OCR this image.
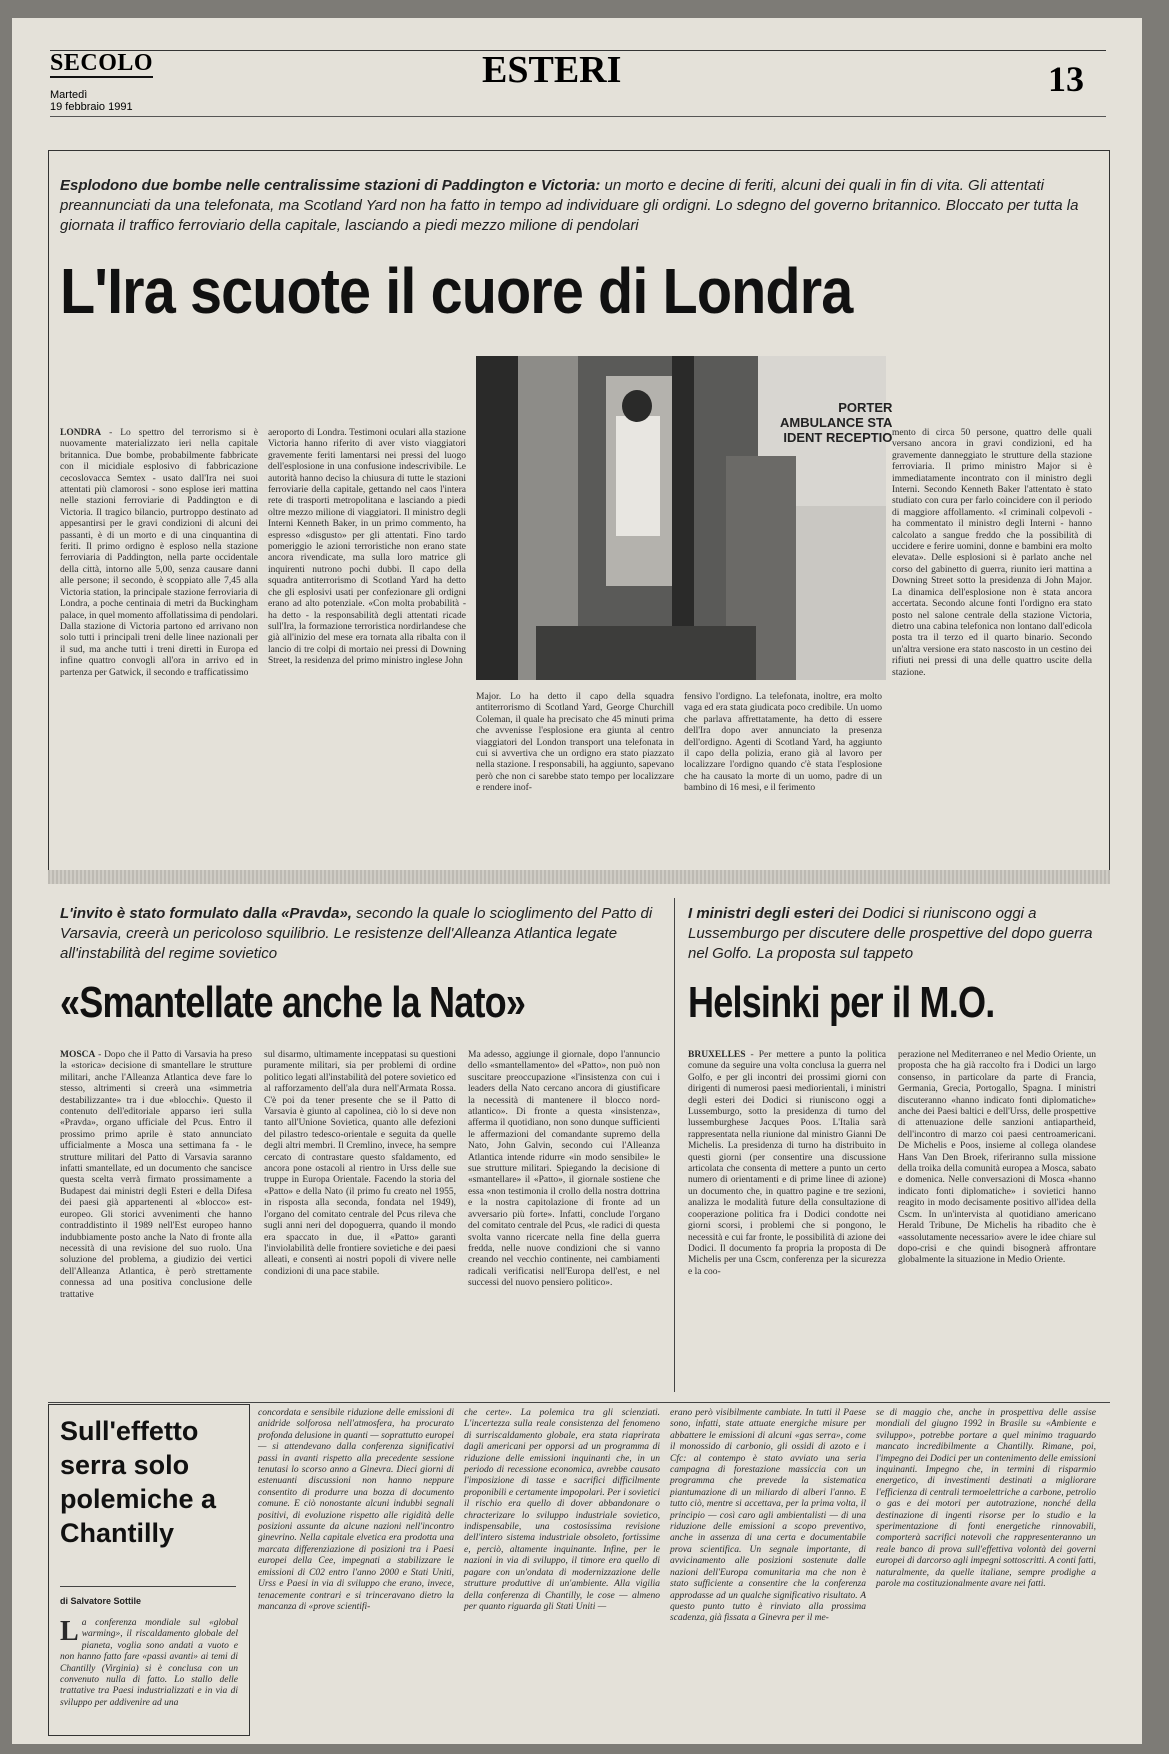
SECOLO
Martedì
19 febbraio 1991
ESTERI	13
Esplodono due bombe nelle centralissime stazioni di Paddington e Victoria: un morto e decine di feriti, alcuni dei quali in fin di vita. Gli attentati preannunciati da una telefonata, ma Scotland Yard non ha fatto in tempo ad individuare gli ordigni. Lo sdegno del governo britannico. Bloccato per tutta la giornata il traffico ferroviario della capitale, lasciando a piedi mezzo milione di pendolari
L'Ira scuote il cuore di Londra
LONDRA - Lo spettro del terrorismo si è nuovamente materializzato ieri nella capitale britannica. Due bombe, probabilmente fabbricate con il micidiale esplosivo di fabbricazione cecoslovacca Semtex - usato dall'Ira nei suoi attentati più clamorosi - sono esplose ieri mattina nelle stazioni ferroviarie di Paddington e di Victoria. Il tragico bilancio, purtroppo destinato ad appesantirsi per le gravi condizioni di alcuni dei passanti, è di un morto e di una cinquantina di feriti. Il primo ordigno è esploso nella stazione ferroviaria di Paddington, nella parte occidentale della città, intorno alle 5,00, senza causare danni alle persone; il secondo, è scoppiato alle 7,45 alla Victoria station, la principale stazione ferroviaria di Londra, a poche centinaia di metri da Buckingham palace, in quel momento affollatissima di pendolari. Dalla stazione di Victoria partono ed arrivano non solo tutti i principali treni delle linee nazionali per il sud, ma anche tutti i treni diretti in Europa ed infine quattro convogli all'ora in arrivo ed in partenza per Gatwick, il secondo e trafficatissimo
aeroporto di Londra. Testimoni oculari alla stazione Victoria hanno riferito di aver visto viaggiatori gravemente feriti lamentarsi nei pressi del luogo dell'esplosione in una confusione indescrivibile. Le autorità hanno deciso la chiusura di tutte le stazioni ferroviarie della capitale, gettando nel caos l'intera rete di trasporti metropolitana e lasciando a piedi oltre mezzo milione di viaggiatori. Il ministro degli Interni Kenneth Baker, in un primo commento, ha espresso «disgusto» per gli attentati. Fino tardo pomeriggio le azioni terroristiche non erano state ancora rivendicate, ma sulla loro matrice gli inquirenti nutrono pochi dubbi. Il capo della squadra antiterrorismo di Scotland Yard ha detto che gli esplosivi usati per confezionare gli ordigni erano ad alto potenziale. «Con molta probabilità - ha detto - la responsabilità degli attentati ricade sull'Ira, la formazione terroristica nordirlandese che già all'inizio del mese era tornata alla ribalta con il lancio di tre colpi di mortaio nei pressi di Downing Street, la residenza del primo ministro inglese John
PORTER
AMBULANCE STA
IDENT RECEPTIO
Major. Lo ha detto il capo della squadra antiterrorismo di Scotland Yard, George Churchill Coleman, il quale ha precisato che 45 minuti prima che avvenisse l'esplosione era giunta al centro viaggiatori del London transport una telefonata in cui si avvertiva che un ordigno era stato piazzato nella stazione. I responsabili, ha aggiunto, sapevano però che non ci sarebbe stato tempo per localizzare e rendere inof-
fensivo l'ordigno. La telefonata, inoltre, era molto vaga ed era stata giudicata poco credibile. Un uomo che parlava affrettatamente, ha detto di essere dell'Ira dopo aver annunciato la presenza dell'ordigno. Agenti di Scotland Yard, ha aggiunto il capo della polizia, erano già al lavoro per localizzare l'ordigno quando c'è stata l'esplosione che ha causato la morte di un uomo, padre di un bambino di 16 mesi, e il ferimento
mento di circa 50 persone, quattro delle quali versano ancora in gravi condizioni, ed ha gravemente danneggiato le strutture della stazione ferroviaria. Il primo ministro Major si è immediatamente incontrato con il ministro degli Interni. Secondo Kenneth Baker l'attentato è stato studiato con cura per farlo coincidere con il periodo di maggiore affollamento. «I criminali colpevoli - ha commentato il ministro degli Interni - hanno calcolato a sangue freddo che la possibilità di uccidere e ferire uomini, donne e bambini era molto elevata». Delle esplosioni si è parlato anche nel corso del gabinetto di guerra, riunito ieri mattina a Downing Street sotto la presidenza di John Major. La dinamica dell'esplosione non è stata ancora accertata. Secondo alcune fonti l'ordigno era stato posto nel salone centrale della stazione Victoria, dietro una cabina telefonica non lontano dall'edicola posta tra il terzo ed il quarto binario. Secondo un'altra versione era stato nascosto in un cestino dei rifiuti nei pressi di una delle quattro uscite della stazione.
L'invito è stato formulato dalla «Pravda», secondo la quale lo scioglimento del Patto di Varsavia, creerà un pericoloso squilibrio. Le resistenze dell'Alleanza Atlantica legate all'instabilità del regime sovietico
«Smantellate anche la Nato»
MOSCA - Dopo che il Patto di Varsavia ha preso la «storica» decisione di smantellare le strutture militari, anche l'Alleanza Atlantica deve fare lo stesso, altrimenti si creerà una «simmetria destabilizzante» tra i due «blocchi». Questo il contenuto dell'editoriale apparso ieri sulla «Pravda», organo ufficiale del Pcus. Entro il prossimo primo aprile è stato annunciato ufficialmente a Mosca una settimana fa - le strutture militari del Patto di Varsavia saranno infatti smantellate, ed un documento che sancisce questa scelta verrà firmato prossimamente a Budapest dai ministri degli Esteri e della Difesa dei paesi già appartenenti al «blocco» est-europeo. Gli storici avvenimenti che hanno contraddistinto il 1989 nell'Est europeo hanno indubbiamente posto anche la Nato di fronte alla necessità di una revisione del suo ruolo. Una soluzione del problema, a giudizio dei vertici dell'Alleanza Atlantica, è però strettamente connessa ad una positiva conclusione delle trattative
sul disarmo, ultimamente inceppatasi su questioni puramente militari, sia per problemi di ordine politico legati all'instabilità del potere sovietico ed al rafforzamento dell'ala dura nell'Armata Rossa. C'è poi da tener presente che se il Patto di Varsavia è giunto al capolinea, ciò lo si deve non tanto all'Unione Sovietica, quanto alle defezioni del pilastro tedesco-orientale e seguita da quelle degli altri membri. Il Cremlino, invece, ha sempre cercato di contrastare questo sfaldamento, ed ancora pone ostacoli al rientro in Urss delle sue truppe in Europa Orientale. Facendo la storia del «Patto» e della Nato (il primo fu creato nel 1955, in risposta alla seconda, fondata nel 1949), l'organo del comitato centrale del Pcus rileva che sugli anni neri del dopoguerra, quando il mondo era spaccato in due, il «Patto» garantì l'inviolabilità delle frontiere sovietiche e dei paesi alleati, e consentì ai nostri popoli di vivere nelle condizioni di una pace stabile.
Ma adesso, aggiunge il giornale, dopo l'annuncio dello «smantellamento» del «Patto», non può non suscitare preoccupazione «l'insistenza con cui i leaders della Nato cercano ancora di giustificare la necessità di mantenere il blocco nord-atlantico». Di fronte a questa «insistenza», afferma il quotidiano, non sono dunque sufficienti le affermazioni del comandante supremo della Nato, John Galvin, secondo cui l'Alleanza Atlantica intende ridurre «in modo sensibile» le sue strutture militari. Spiegando la decisione di «smantellare» il «Patto», il giornale sostiene che essa «non testimonia il crollo della nostra dottrina e la nostra capitolazione di fronte ad un avversario più forte». Infatti, conclude l'organo del comitato centrale del Pcus, «le radici di questa svolta vanno ricercate nella fine della guerra fredda, nelle nuove condizioni che si vanno creando nel vecchio continente, nei cambiamenti radicali verificatisi nell'Europa dell'est, e nel successi del nuovo pensiero politico».
I ministri degli esteri dei Dodici si riuniscono oggi a Lussemburgo per discutere delle prospettive del dopo guerra nel Golfo. La proposta sul tappeto
Helsinki per il M.O.
BRUXELLES - Per mettere a punto la politica comune da seguire una volta conclusa la guerra nel Golfo, e per gli incontri dei prossimi giorni con dirigenti di numerosi paesi mediorientali, i ministri degli esteri dei Dodici si riuniscono oggi a Lussemburgo, sotto la presidenza di turno del lussemburghese Jacques Poos. L'Italia sarà rappresentata nella riunione dal ministro Gianni De Michelis. La presidenza di turno ha distribuito in questi giorni (per consentire una discussione articolata che consenta di mettere a punto un certo numero di orientamenti e di prime linee di azione) un documento che, in quattro pagine e tre sezioni, analizza le modalità future della consultazione di cooperazione politica fra i Dodici condotte nei giorni scorsi, i problemi che si pongono, le necessità e cui far fronte, le possibilità di azione dei Dodici. Il documento fa propria la proposta di De Michelis per una Cscm, conferenza per la sicurezza e la coo-
perazione nel Mediterraneo e nel Medio Oriente, un proposta che ha già raccolto fra i Dodici un largo consenso, in particolare da parte di Francia, Germania, Grecia, Portogallo, Spagna. I ministri discuteranno «hanno indicato fonti diplomatiche» anche dei Paesi baltici e dell'Urss, delle prospettive di attenuazione delle sanzioni antiapartheid, dell'incontro di marzo coi paesi centroamericani. De Michelis e Poos, insieme al collega olandese Hans Van Den Broek, riferiranno sulla missione della troika della comunità europea a Mosca, sabato e domenica. Nelle conversazioni di Mosca «hanno indicato fonti diplomatiche» i sovietici hanno reagito in modo decisamente positivo all'idea della Cscm. In un'intervista al quotidiano americano Herald Tribune, De Michelis ha ribadito che è «assolutamente necessario» avere le idee chiare sul dopo-crisi e che quindi bisognerà affrontare globalmente la situazione in Medio Oriente.
Sull'effetto serra solo polemiche a Chantilly
di Salvatore Sottile
La conferenza mondiale sul «global warming», il riscaldamento globale del pianeta, voglia sono andati a vuoto e non hanno fatto fare «passi avanti» ai temi di Chantilly (Virginia) si è conclusa con un convenuto nulla di fatto. Lo stallo delle trattative tra Paesi industrializzati e in via di sviluppo per addivenire ad una
concordata e sensibile riduzione delle emissioni di anidride solforosa nell'atmosfera, ha procurato profonda delusione in quanti — soprattutto europei — si attendevano dalla conferenza significativi passi in avanti rispetto alla precedente sessione tenutasi lo scorso anno a Ginevra. Dieci giorni di estenuanti discussioni non hanno neppure consentito di produrre una bozza di documento comune. E ciò nonostante alcuni indubbi segnali positivi, di evoluzione rispetto alle rigidità delle posizioni assunte da alcune nazioni nell'incontro ginevrino. Nella capitale elvetica era prodotta una marcata differenziazione di posizioni tra i Paesi europei della Cee, impegnati a stabilizzare le emissioni di C02 entro l'anno 2000 e Stati Uniti, Urss e Paesi in via di sviluppo che erano, invece, tenacemente contrari e si trinceravano dietro la mancanza di «prove scientifi-
che certe». La polemica tra gli scienziati. L'incertezza sulla reale consistenza del fenomeno di surriscaldamento globale, era stata riaprirata dagli americani per opporsi ad un programma di riduzione delle emissioni inquinanti che, in un periodo di recessione economica, avrebbe causato l'imposizione di tasse e sacrifici difficilmente proponibili e certamente impopolari. Per i sovietici il rischio era quello di dover abbandonare o chracterizare lo sviluppo industriale sovietico, indispensabile, una costosissima revisione dell'intero sistema industriale obsoleto, fortissime e, perciò, altamente inquinante. Infine, per le nazioni in via di sviluppo, il timore era quello di pagare con un'ondata di modernizzazione delle strutture produttive di un'ambiente. Alla vigilia della conferenza di Chantilly, le cose — almeno per quanto riguarda gli Stati Uniti —
erano però visibilmente cambiate. In tutti il Paese sono, infatti, state attuate energiche misure per abbattere le emissioni di alcuni «gas serra», come il monossido di carbonio, gli ossidi di azoto e i Cfc: al contempo è stato avviato una seria campagna di forestazione massiccia con un programma che prevede la sistematica piantumazione di un miliardo di alberi l'anno. E tutto ciò, mentre si accettava, per la prima volta, il principio — così caro agli ambientalisti — di una riduzione delle emissioni a scopo preventivo, anche in assenza di una certa e documentabile prova scientifica. Un segnale importante, di avvicinamento alle posizioni sostenute dalle nazioni dell'Europa comunitaria ma che non è stato sufficiente a consentire che la conferenza approdasse ad un qualche significativo risultato. A questo punto tutto è rinviato alla prossima scadenza, già fissata a Ginevra per il me-
se di maggio che, anche in prospettiva delle assise mondiali del giugno 1992 in Brasile su «Ambiente e sviluppo», potrebbe portare a quel minimo traguardo mancato incredibilmente a Chantilly. Rimane, poi, l'impegno dei Dodici per un contenimento delle emissioni inquinanti. Impegno che, in termini di risparmio energetico, di investimenti destinati a migliorare l'efficienza di centrali termoelettriche a carbone, petrolio o gas e dei motori per autotrazione, nonché della destinazione di ingenti risorse per lo studio e la sperimentazione di fonti energetiche rinnovabili, comporterà sacrifici notevoli che rappresenteranno un reale banco di prova sull'effettiva volontà dei governi europei di darcorso agli impegni sottoscritti. A conti fatti, naturalmente, da quelle italiane, sempre prodighe a parole ma costituzionalmente avare nei fatti.
